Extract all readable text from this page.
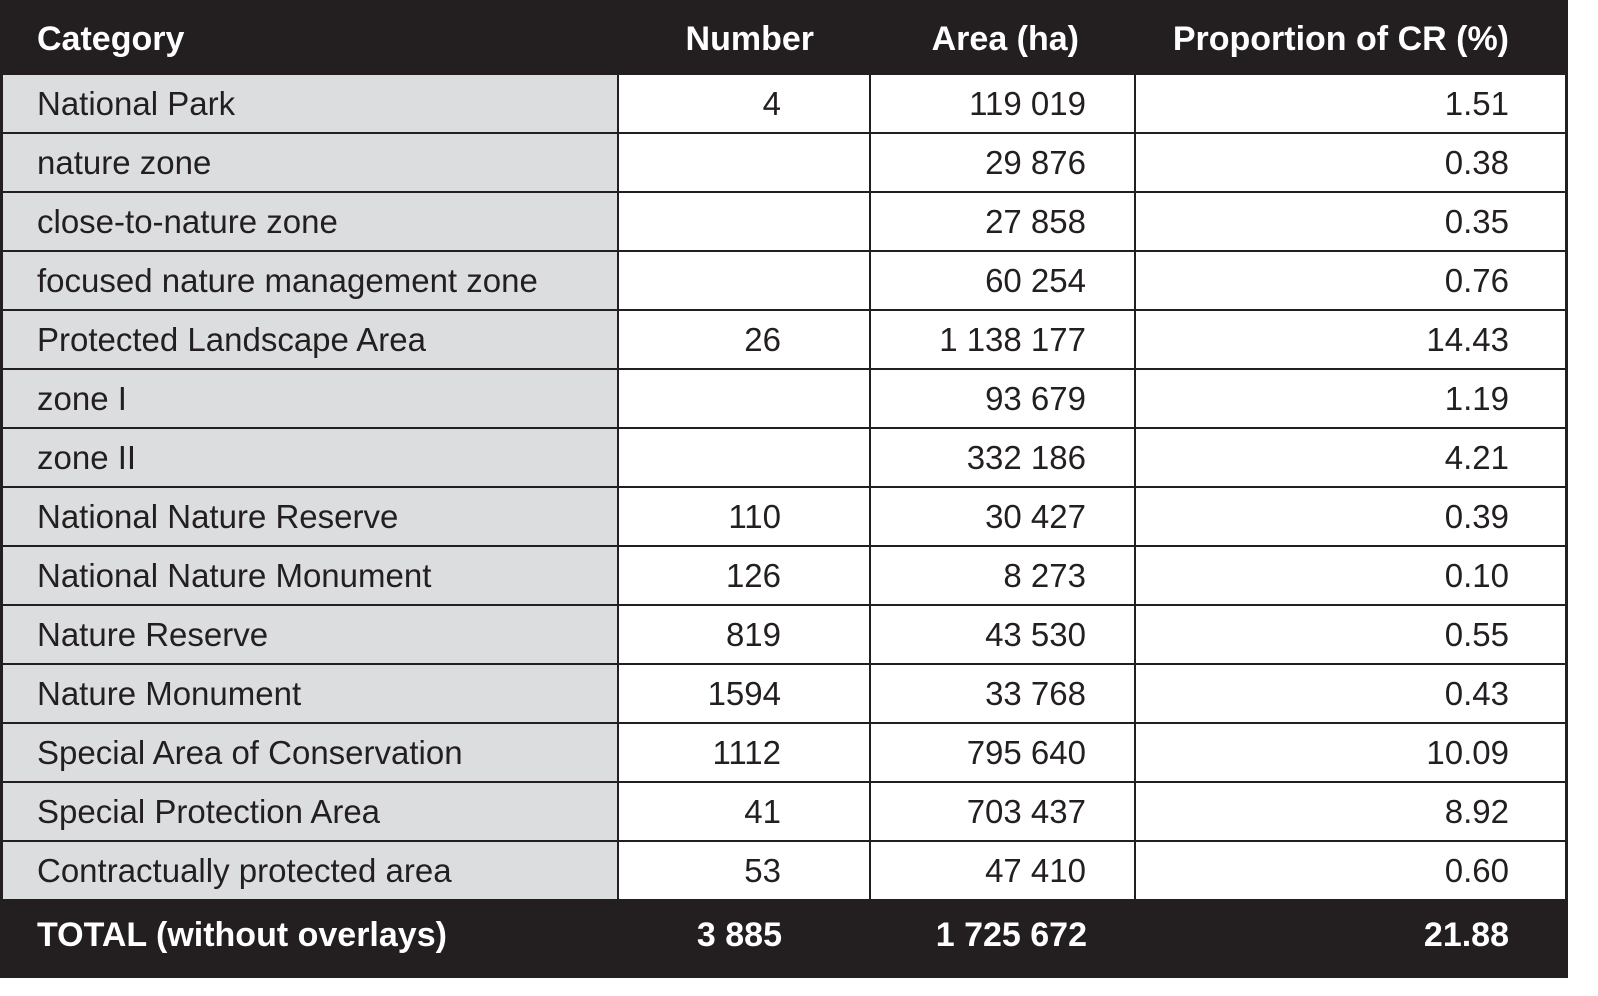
Category	Number	Area (ha)	Proportion of CR (%)
National Park	4	119 019	1.51
nature zone		29 876	0.38
close-to-nature zone		27 858	0.35
focused nature management zone		60 254	0.76
Protected Landscape Area	26	1 138 177	14.43
zone I		93 679	1.19
zone II		332 186	4.21
National Nature Reserve	110	30 427	0.39
National Nature Monument	126	8 273	0.10
Nature Reserve	819	43 530	0.55
Nature Monument	1594	33 768	0.43
Special Area of Conservation	1112	795 640	10.09
Special Protection Area	41	703 437	8.92
Contractually protected area	53	47 410	0.60
TOTAL (without overlays)	3 885	1 725 672	21.88
